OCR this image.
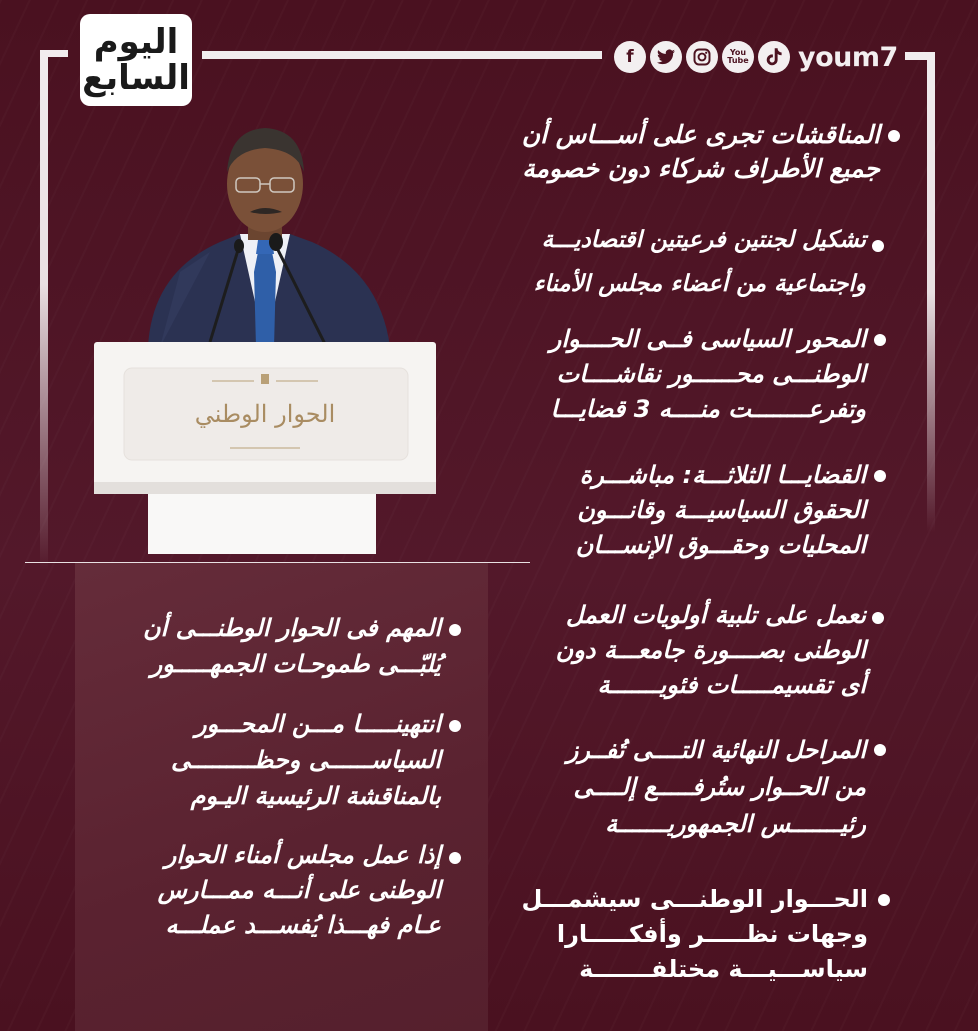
اليوم
السابع
f	You
Tube youm7
الحوار الوطني
المناقشات تجرى على أســـاس أن
جميع الأطراف شركاء دون خصومة
تشكيل لجنتين فرعيتين اقتصاديـــة
واجتماعية من أعضاء مجلس الأمناء
المحور السياسى فــى الحــــوار
الوطنـــى محــــــور نقاشــــات
وتفرعــــــــت منــــه 3 قضايـــا
القضايـــا الثلاثـــة: مباشـــرة
الحقوق السياسيـــة وقانـــون
المحليات وحقـــوق الإنســـان
نعمل على تلبية أولويات العمل
الوطنى بصــــورة جامعـــة دون
أى تقسيمـــــات فئويـــــــة
المراحل النهائية التــــى تُفــرز
من الحــوار ستُرفـــــع إلــــى
رئيـــــــس الجمهوريـــــــة
الحـــوار الوطنـــى سيشمـــل
وجهات نظـــــر وأفكـــــارا
سياســـيـــة مختلفـــــــة
المهم فى الحوار الوطنـــى أن
يُلبّـــى طموحـات الجمهـــــور
انتهينـــــا مـــن المحـــور
السياســــــى وحظـــــــــى
بالمناقشة الرئيسية اليـوم
إذا عمل مجلس أمناء الحوار
الوطنى على أنـــه ممـــارس
عـام فهـــذا يُفســـد عملـــه
